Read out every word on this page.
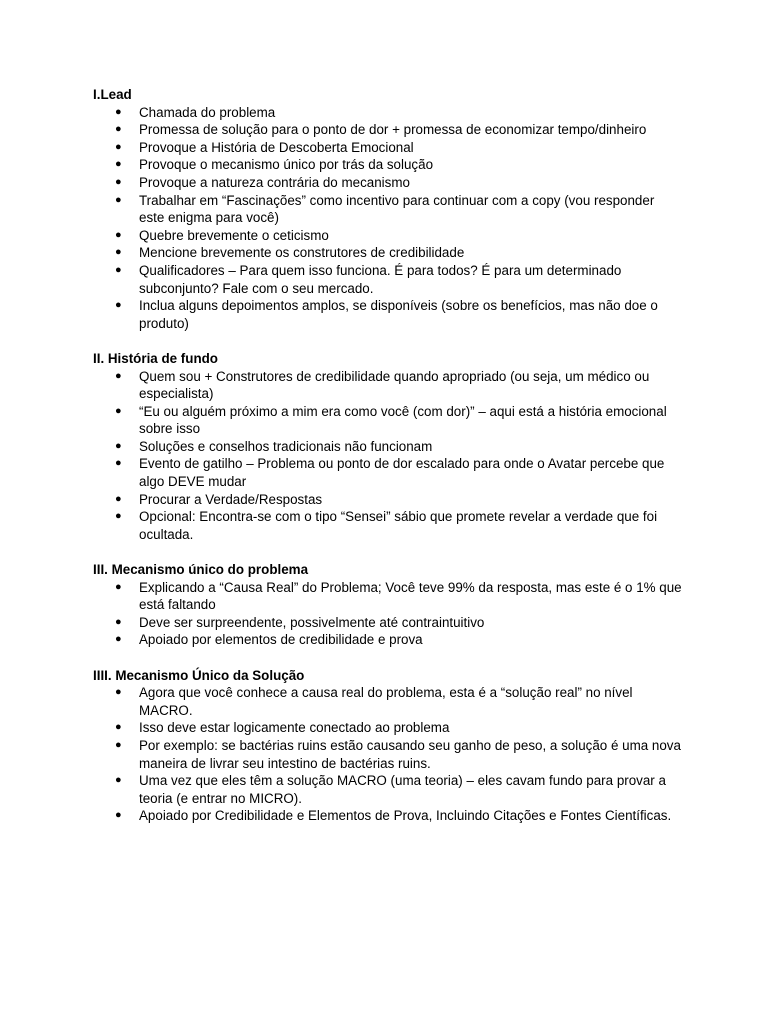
I.Lead
● Chamada do problema
● Promessa de solução para o ponto de dor + promessa de economizar tempo/dinheiro
● Provoque a História de Descoberta Emocional
● Provoque o mecanismo único por trás da solução
● Provoque a natureza contrária do mecanismo
● Trabalhar em “Fascinações” como incentivo para continuar com a copy (vou responder este enigma para você)
● Quebre brevemente o ceticismo
● Mencione brevemente os construtores de credibilidade
● Qualificadores – Para quem isso funciona. É para todos? É para um determinado subconjunto? Fale com o seu mercado.
● Inclua alguns depoimentos amplos, se disponíveis (sobre os benefícios, mas não doe o produto)
II. História de fundo
● Quem sou + Construtores de credibilidade quando apropriado (ou seja, um médico ou especialista)
● “Eu ou alguém próximo a mim era como você (com dor)” – aqui está a história emocional sobre isso
● Soluções e conselhos tradicionais não funcionam
● Evento de gatilho – Problema ou ponto de dor escalado para onde o Avatar percebe que algo DEVE mudar
● Procurar a Verdade/Respostas
● Opcional: Encontra-se com o tipo “Sensei” sábio que promete revelar a verdade que foi ocultada.
III. Mecanismo único do problema
● Explicando a “Causa Real” do Problema; Você teve 99% da resposta, mas este é o 1% que está faltando
● Deve ser surpreendente, possivelmente até contraintuitivo
● Apoiado por elementos de credibilidade e prova
IIII. Mecanismo Único da Solução
● Agora que você conhece a causa real do problema, esta é a “solução real” no nível MACRO.
● Isso deve estar logicamente conectado ao problema
● Por exemplo: se bactérias ruins estão causando seu ganho de peso, a solução é uma nova maneira de livrar seu intestino de bactérias ruins.
● Uma vez que eles têm a solução MACRO (uma teoria) – eles cavam fundo para provar a teoria (e entrar no MICRO).
● Apoiado por Credibilidade e Elementos de Prova, Incluindo Citações e Fontes Científicas.
